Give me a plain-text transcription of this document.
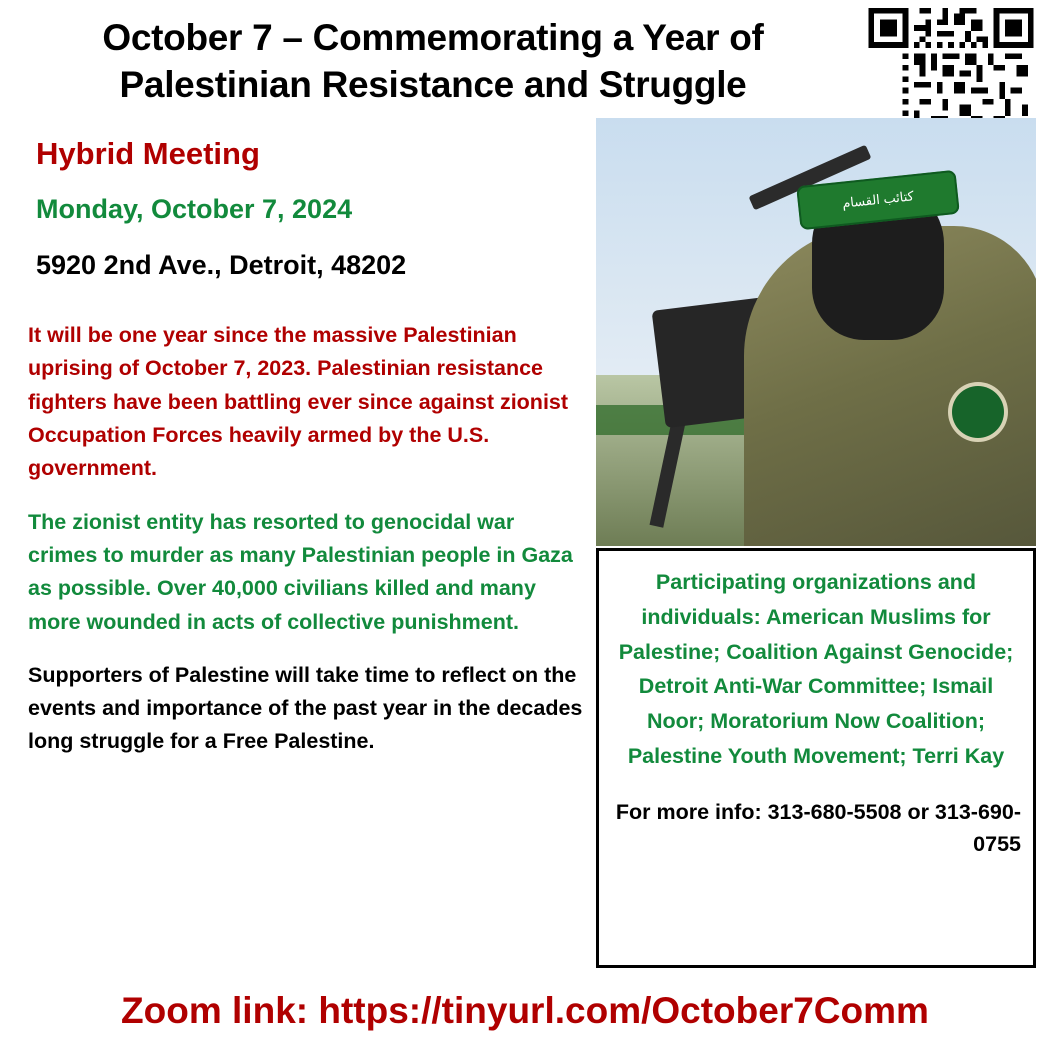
October 7 – Commemorating a Year of Palestinian Resistance and Struggle
Hybrid Meeting
Monday, October 7, 2024
5920 2nd Ave., Detroit, 48202

It will be one year since the massive Palestinian uprising of October 7, 2023. Palestinian resistance fighters have been battling ever since against zionist Occupation Forces heavily armed by the U.S. government.

The zionist entity has resorted to genocidal war crimes to murder as many Palestinian people in Gaza as possible. Over 40,000 civilians killed and many more wounded in acts of collective punishment.

Supporters of Palestine will take time to reflect on the events and importance of the past year in the decades long struggle for a Free Palestine.

كتائب القسام

Participating organizations and individuals: American Muslims for Palestine; Coalition Against Genocide; Detroit Anti-War Committee; Ismail Noor; Moratorium Now Coalition; Palestine Youth Movement; Terri Kay

For more info: 313-680-5508 or 313-690-0755

Zoom link: https://tinyurl.com/October7Comm
